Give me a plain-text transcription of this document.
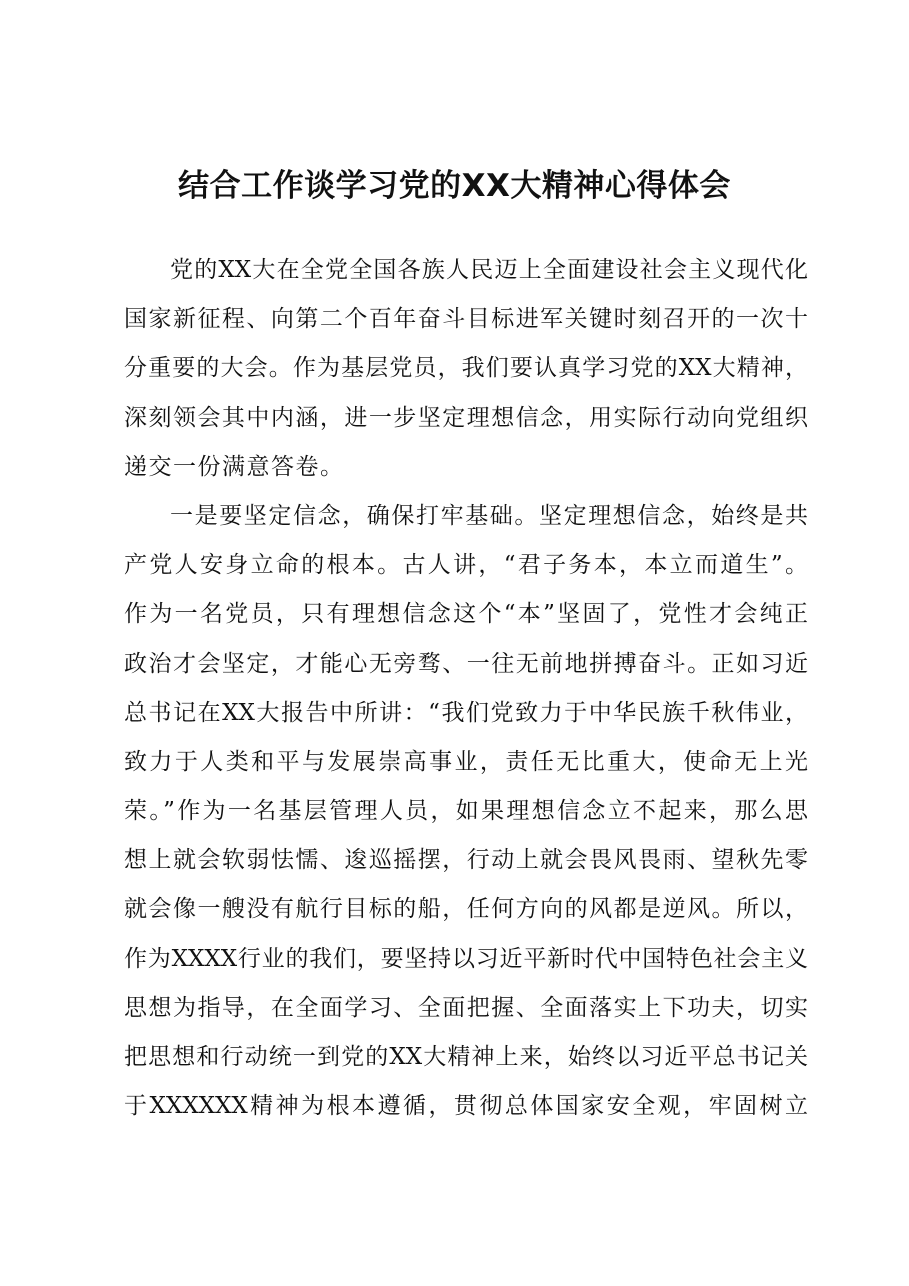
结合工作谈学习党的XX大精神心得体会
党的XX大在全党全国各族人民迈上全面建设社会主义现代化
国家新征程、向第二个百年奋斗目标进军关键时刻召开的一次十
分重要的大会。作为基层党员，我们要认真学习党的XX大精神，
深刻领会其中内涵，进一步坚定理想信念，用实际行动向党组织
递交一份满意答卷。
一是要坚定信念，确保打牢基础。坚定理想信念，始终是共
产党人安身立命的根本。古人讲，“君子务本，本立而道生”。
作为一名党员，只有理想信念这个“本”坚固了，党性才会纯正
政治才会坚定，才能心无旁骛、一往无前地拼搏奋斗。正如习近
总书记在XX大报告中所讲：“我们党致力于中华民族千秋伟业，
致力于人类和平与发展崇高事业，责任无比重大，使命无上光
荣。”作为一名基层管理人员，如果理想信念立不起来，那么思
想上就会软弱怯懦、逡巡摇摆，行动上就会畏风畏雨、望秋先零
就会像一艘没有航行目标的船，任何方向的风都是逆风。所以，
作为XXXX行业的我们，要坚持以习近平新时代中国特色社会主义
思想为指导，在全面学习、全面把握、全面落实上下功夫，切实
把思想和行动统一到党的XX大精神上来，始终以习近平总书记关
于XXXXXX精神为根本遵循，贯彻总体国家安全观，牢固树立
